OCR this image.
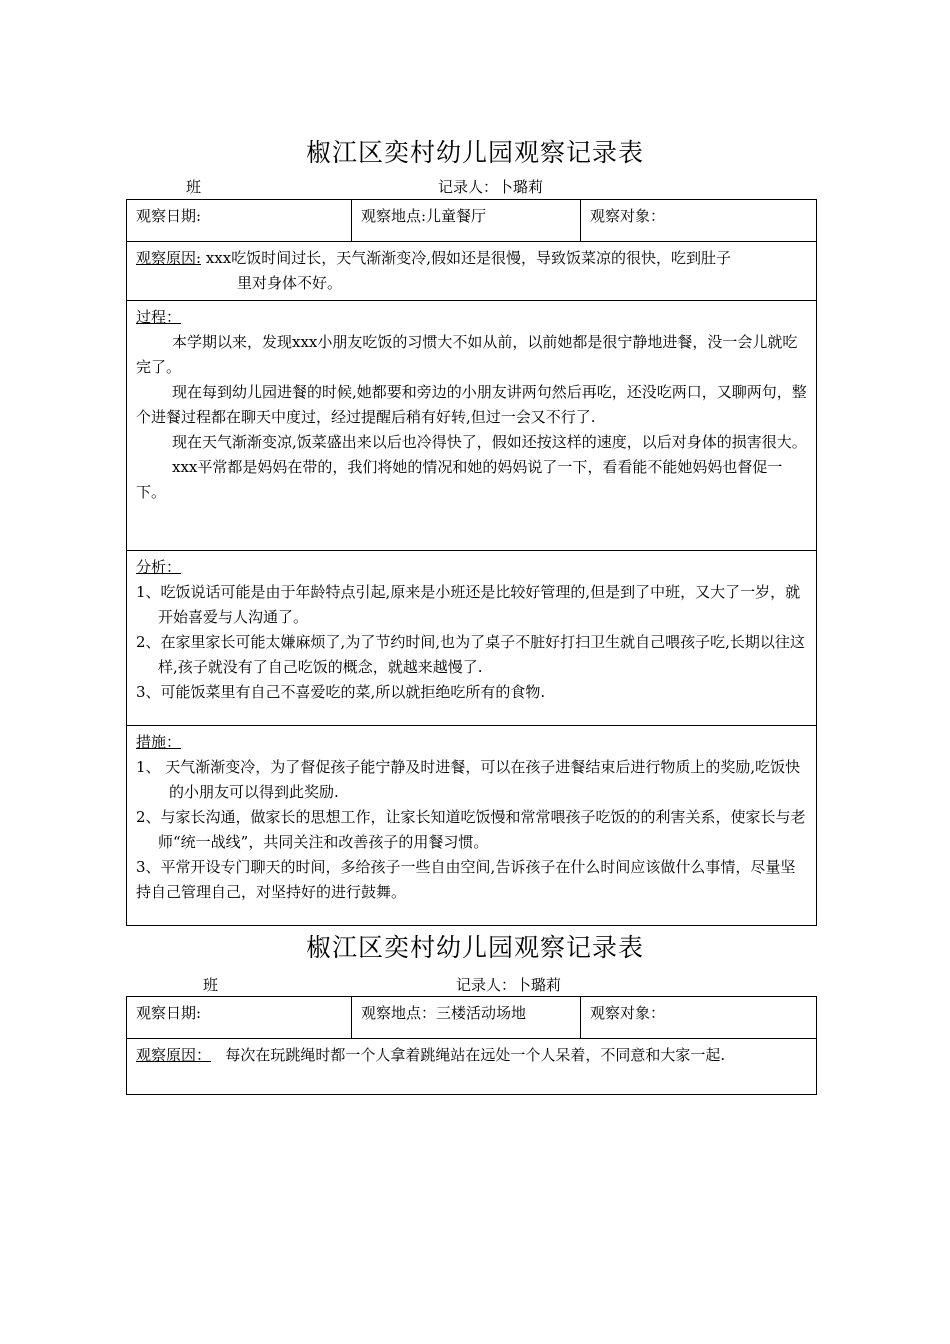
椒江区奕村幼儿园观察记录表
班	记录人：卜璐莉
观察日期:	观察地点:儿童餐厅	观察对象：

观察原因: xxx吃饭时间过长，天气渐渐变冷,假如还是很慢，导致饭菜凉的很快，吃到肚子
里对身体不好。

过程：

本学期以来，发现xxx小朋友吃饭的习惯大不如从前，以前她都是很宁静地进餐，没一会儿就吃完了。

现在每到幼儿园进餐的时候,她都要和旁边的小朋友讲两句然后再吃，还没吃两口，又聊两句，整个进餐过程都在聊天中度过，经过提醒后稍有好转,但过一会又不行了.

现在天气渐渐变凉,饭菜盛出来以后也冷得快了，假如还按这样的速度，以后对身体的损害很大。

xxx平常都是妈妈在带的，我们将她的情况和她的妈妈说了一下，看看能不能她妈妈也督促一下。

分析：

1、吃饭说话可能是由于年龄特点引起,原来是小班还是比较好管理的,但是到了中班，又大了一岁，就开始喜爱与人沟通了。

2、在家里家长可能太嫌麻烦了,为了节约时间,也为了桌子不脏好打扫卫生就自己喂孩子吃,长期以往这样,孩子就没有了自己吃饭的概念，就越来越慢了.

3、可能饭菜里有自己不喜爱吃的菜,所以就拒绝吃所有的食物.

措施：

1、 天气渐渐变冷，为了督促孩子能宁静及时进餐，可以在孩子进餐结束后进行物质上的奖励,吃饭快的小朋友可以得到此奖励.

2、与家长沟通，做家长的思想工作，让家长知道吃饭慢和常常喂孩子吃饭的的利害关系，使家长与老师“统一战线”，共同关注和改善孩子的用餐习惯。

3、平常开设专门聊天的时间，多给孩子一些自由空间,告诉孩子在什么时间应该做什么事情，尽量坚持自己管理自己，对坚持好的进行鼓舞。

椒江区奕村幼儿园观察记录表
班	记录人：卜璐莉
观察日期:	观察地点：三楼活动场地	观察对象：

观察原因：   每次在玩跳绳时都一个人拿着跳绳站在远处一个人呆着，不同意和大家一起.
